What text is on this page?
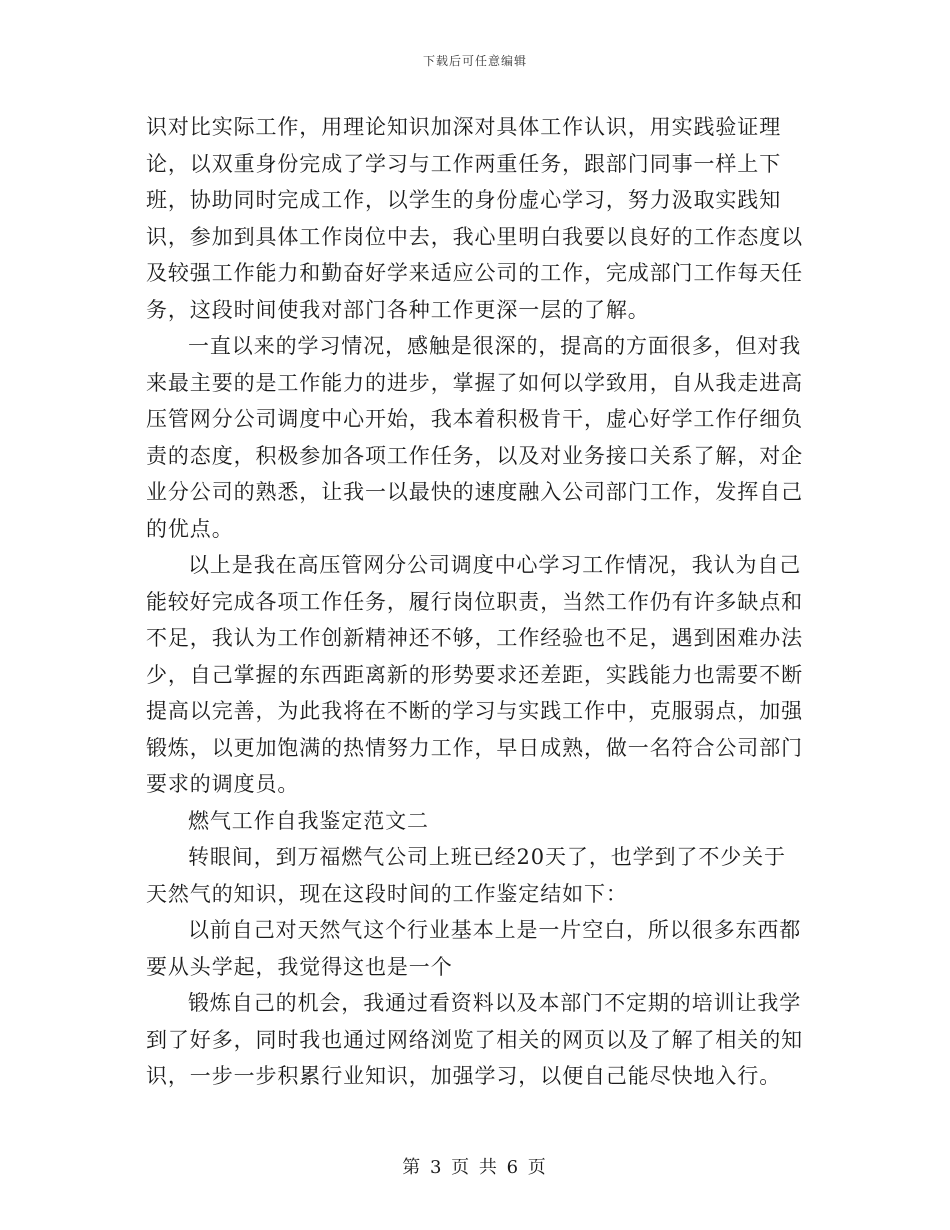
下载后可任意编辑

识对比实际工作，用理论知识加深对具体工作认识，用实践验证理论，以双重身份完成了学习与工作两重任务，跟部门同事一样上下班，协助同时完成工作，以学生的身份虚心学习，努力汲取实践知识，参加到具体工作岗位中去，我心里明白我要以良好的工作态度以及较强工作能力和勤奋好学来适应公司的工作，完成部门工作每天任务，这段时间使我对部门各种工作更深一层的了解。

一直以来的学习情况，感触是很深的，提高的方面很多，但对我来最主要的是工作能力的进步，掌握了如何以学致用，自从我走进高压管网分公司调度中心开始，我本着积极肯干，虚心好学工作仔细负责的态度，积极参加各项工作任务，以及对业务接口关系了解，对企业分公司的熟悉，让我一以最快的速度融入公司部门工作，发挥自己的优点。

以上是我在高压管网分公司调度中心学习工作情况，我认为自己能较好完成各项工作任务，履行岗位职责，当然工作仍有许多缺点和不足，我认为工作创新精神还不够，工作经验也不足，遇到困难办法少，自己掌握的东西距离新的形势要求还差距，实践能力也需要不断提高以完善，为此我将在不断的学习与实践工作中，克服弱点，加强锻炼，以更加饱满的热情努力工作，早日成熟，做一名符合公司部门要求的调度员。

燃气工作自我鉴定范文二

转眼间，到万福燃气公司上班已经20天了，也学到了不少关于天然气的知识，现在这段时间的工作鉴定结如下：

以前自己对天然气这个行业基本上是一片空白，所以很多东西都要从头学起，我觉得这也是一个

锻炼自己的机会，我通过看资料以及本部门不定期的培训让我学到了好多，同时我也通过网络浏览了相关的网页以及了解了相关的知识，一步一步积累行业知识，加强学习，以便自己能尽快地入行。

第 3 页 共 6 页
